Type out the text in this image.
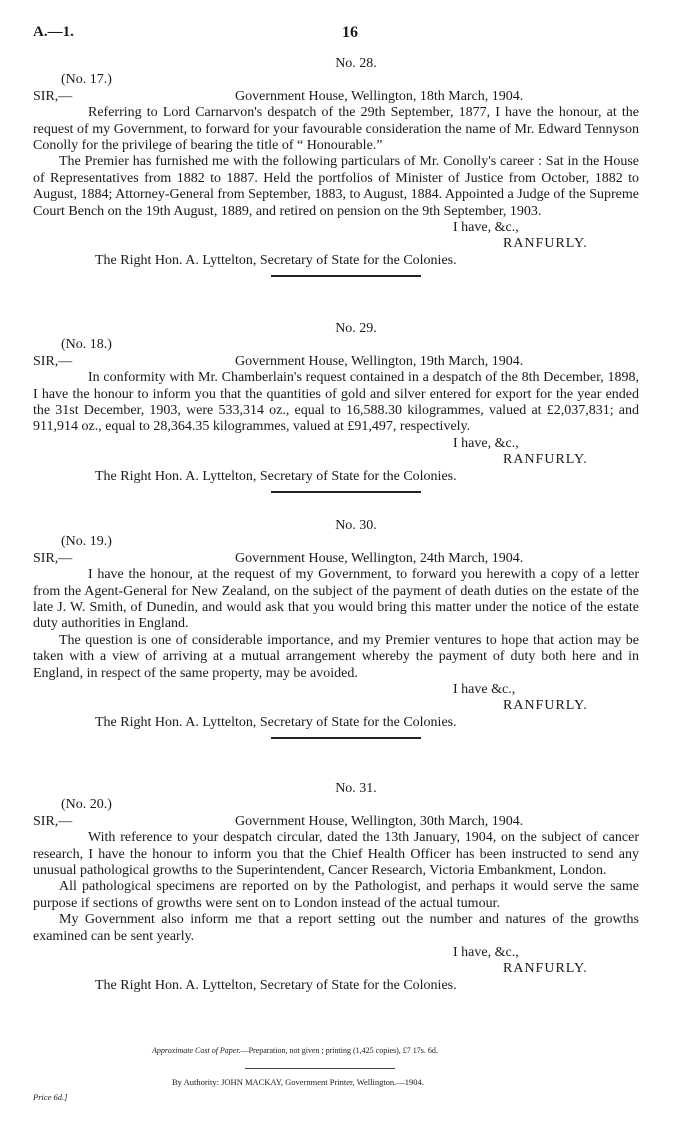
A.—1.	16

No. 28.

(No. 17.)

SIR,—	Government House, Wellington, 18th March, 1904.

Referring to Lord Carnarvon's despatch of the 29th September, 1877, I have the honour, at the request of my Government, to forward for your favourable consideration the name of Mr. Edward Tennyson Conolly for the privilege of bearing the title of “ Honourable.”

The Premier has furnished me with the following particulars of Mr. Conolly's career : Sat in the House of Representatives from 1882 to 1887. Held the portfolios of Minister of Justice from October, 1882 to August, 1884; Attorney-General from September, 1883, to August, 1884. Appointed a Judge of the Supreme Court Bench on the 19th August, 1889, and retired on pension on the 9th September, 1903.

I have, &c.,

RANFURLY.

The Right Hon. A. Lyttelton, Secretary of State for the Colonies.

No. 29.

(No. 18.)

SIR,—	Government House, Wellington, 19th March, 1904.

In conformity with Mr. Chamberlain's request contained in a despatch of the 8th December, 1898, I have the honour to inform you that the quantities of gold and silver entered for export for the year ended the 31st December, 1903, were 533,314 oz., equal to 16,588.30 kilogrammes, valued at £2,037,831; and 911,914 oz., equal to 28,364.35 kilogrammes, valued at £91,497, respectively.

I have, &c.,

RANFURLY.

The Right Hon. A. Lyttelton, Secretary of State for the Colonies.

No. 30.

(No. 19.)

SIR,—	Government House, Wellington, 24th March, 1904.

I have the honour, at the request of my Government, to forward you herewith a copy of a letter from the Agent-General for New Zealand, on the subject of the payment of death duties on the estate of the late J. W. Smith, of Dunedin, and would ask that you would bring this matter under the notice of the estate duty authorities in England.

The question is one of considerable importance, and my Premier ventures to hope that action may be taken with a view of arriving at a mutual arrangement whereby the payment of duty both here and in England, in respect of the same property, may be avoided.

I have &c.,

RANFURLY.

The Right Hon. A. Lyttelton, Secretary of State for the Colonies.

No. 31.

(No. 20.)

SIR,—	Government House, Wellington, 30th March, 1904.

With reference to your despatch circular, dated the 13th January, 1904, on the subject of cancer research, I have the honour to inform you that the Chief Health Officer has been instructed to send any unusual pathological growths to the Superintendent, Cancer Research, Victoria Embankment, London.

All pathological specimens are reported on by the Pathologist, and perhaps it would serve the same purpose if sections of growths were sent on to London instead of the actual tumour.

My Government also inform me that a report setting out the number and natures of the growths examined can be sent yearly.

I have, &c.,

RANFURLY.

The Right Hon. A. Lyttelton, Secretary of State for the Colonies.

Approximate Cost of Paper.—Preparation, not given ; printing (1,425 copies), £7 17s. 6d.
By Authority: JOHN MACKAY, Government Printer, Wellington.—1904.
Price 6d.]
